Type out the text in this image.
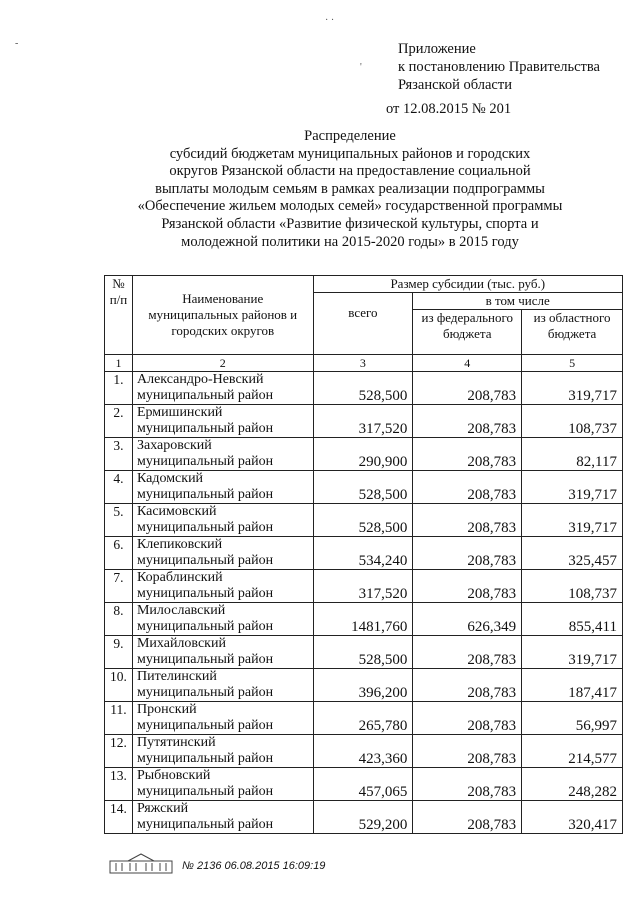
Приложение
к постановлению Правительства
Рязанской области
от 12.08.2015 № 201
Распределение
субсидий бюджетам муниципальных районов и городских
округов Рязанской области на предоставление социальной
выплаты молодым семьям в рамках реализации подпрограммы
«Обеспечение жильем молодых семей» государственной программы
Рязанской области «Развитие физической культуры, спорта и
молодежной политики на 2015-2020 годы» в 2015 году
№ п/п	Наименование муниципальных районов и городских округов	Размер субсидии (тыс. руб.)		
		всего	в том числе	
			из федерального бюджета	из областного бюджета
1	2	3	4	5
1.	Александро-Невский
муниципальный район	528,500	208,783	319,717
2.	Ермишинский
муниципальный район	317,520	208,783	108,737
3.	Захаровский
муниципальный район	290,900	208,783	82,117
4.	Кадомский
муниципальный район	528,500	208,783	319,717
5.	Касимовский
муниципальный район	528,500	208,783	319,717
6.	Клепиковский
муниципальный район	534,240	208,783	325,457
7.	Кораблинский
муниципальный район	317,520	208,783	108,737
8.	Милославский
муниципальный район	1481,760	626,349	855,411
9.	Михайловский
муниципальный район	528,500	208,783	319,717
10.	Пителинский
муниципальный район	396,200	208,783	187,417
11.	Пронский
муниципальный район	265,780	208,783	56,997
12.	Путятинский
муниципальный район	423,360	208,783	214,577
13.	Рыбновский
муниципальный район	457,065	208,783	248,282
14.	Ряжский
муниципальный район	529,200	208,783	320,417
№ 2136 06.08.2015 16:09:19
· ·
-
'
